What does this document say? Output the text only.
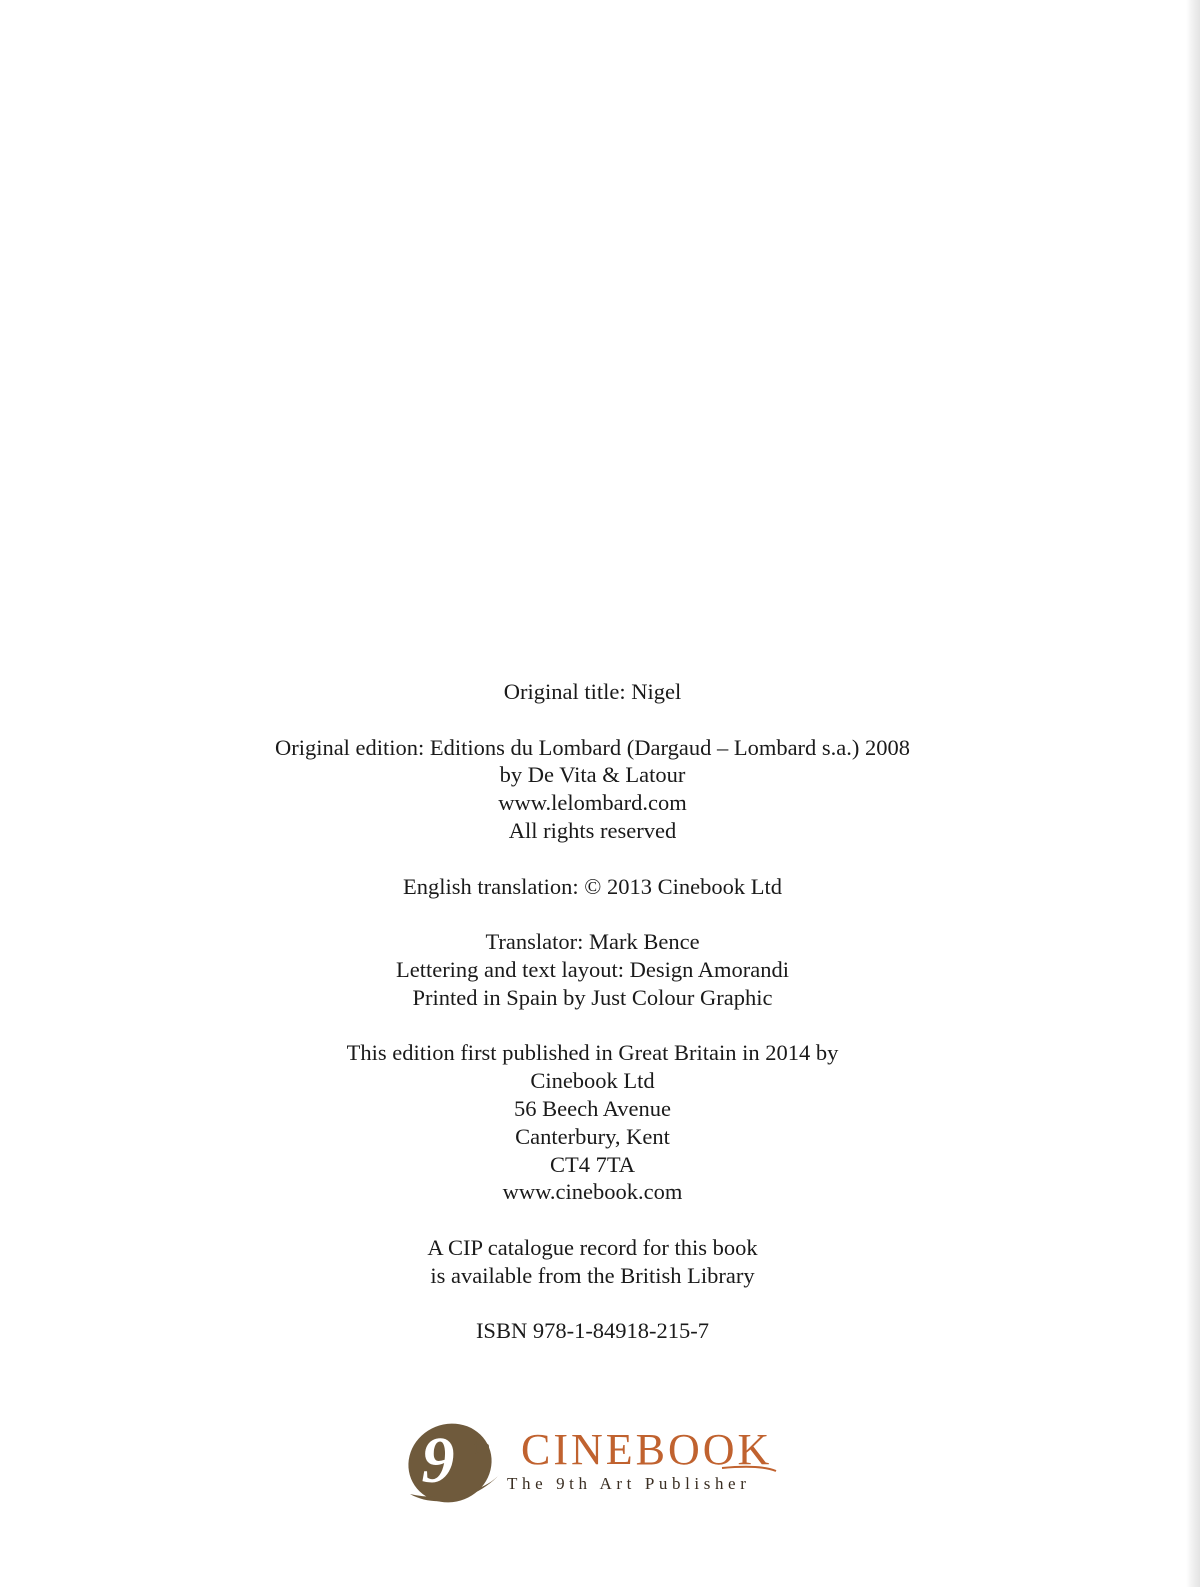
Original title: Nigel

Original edition: Editions du Lombard (Dargaud – Lombard s.a.) 2008

by De Vita & Latour

www.lelombard.com

All rights reserved

English translation: © 2013 Cinebook Ltd

Translator: Mark Bence

Lettering and text layout: Design Amorandi

Printed in Spain by Just Colour Graphic

This edition first published in Great Britain in 2014 by

Cinebook Ltd

56 Beech Avenue

Canterbury, Kent

CT4 7TA

www.cinebook.com

A CIP catalogue record for this book

is available from the British Library

ISBN 978-1-84918-215-7

9 th CINEBOOK
The 9th Art Publisher
